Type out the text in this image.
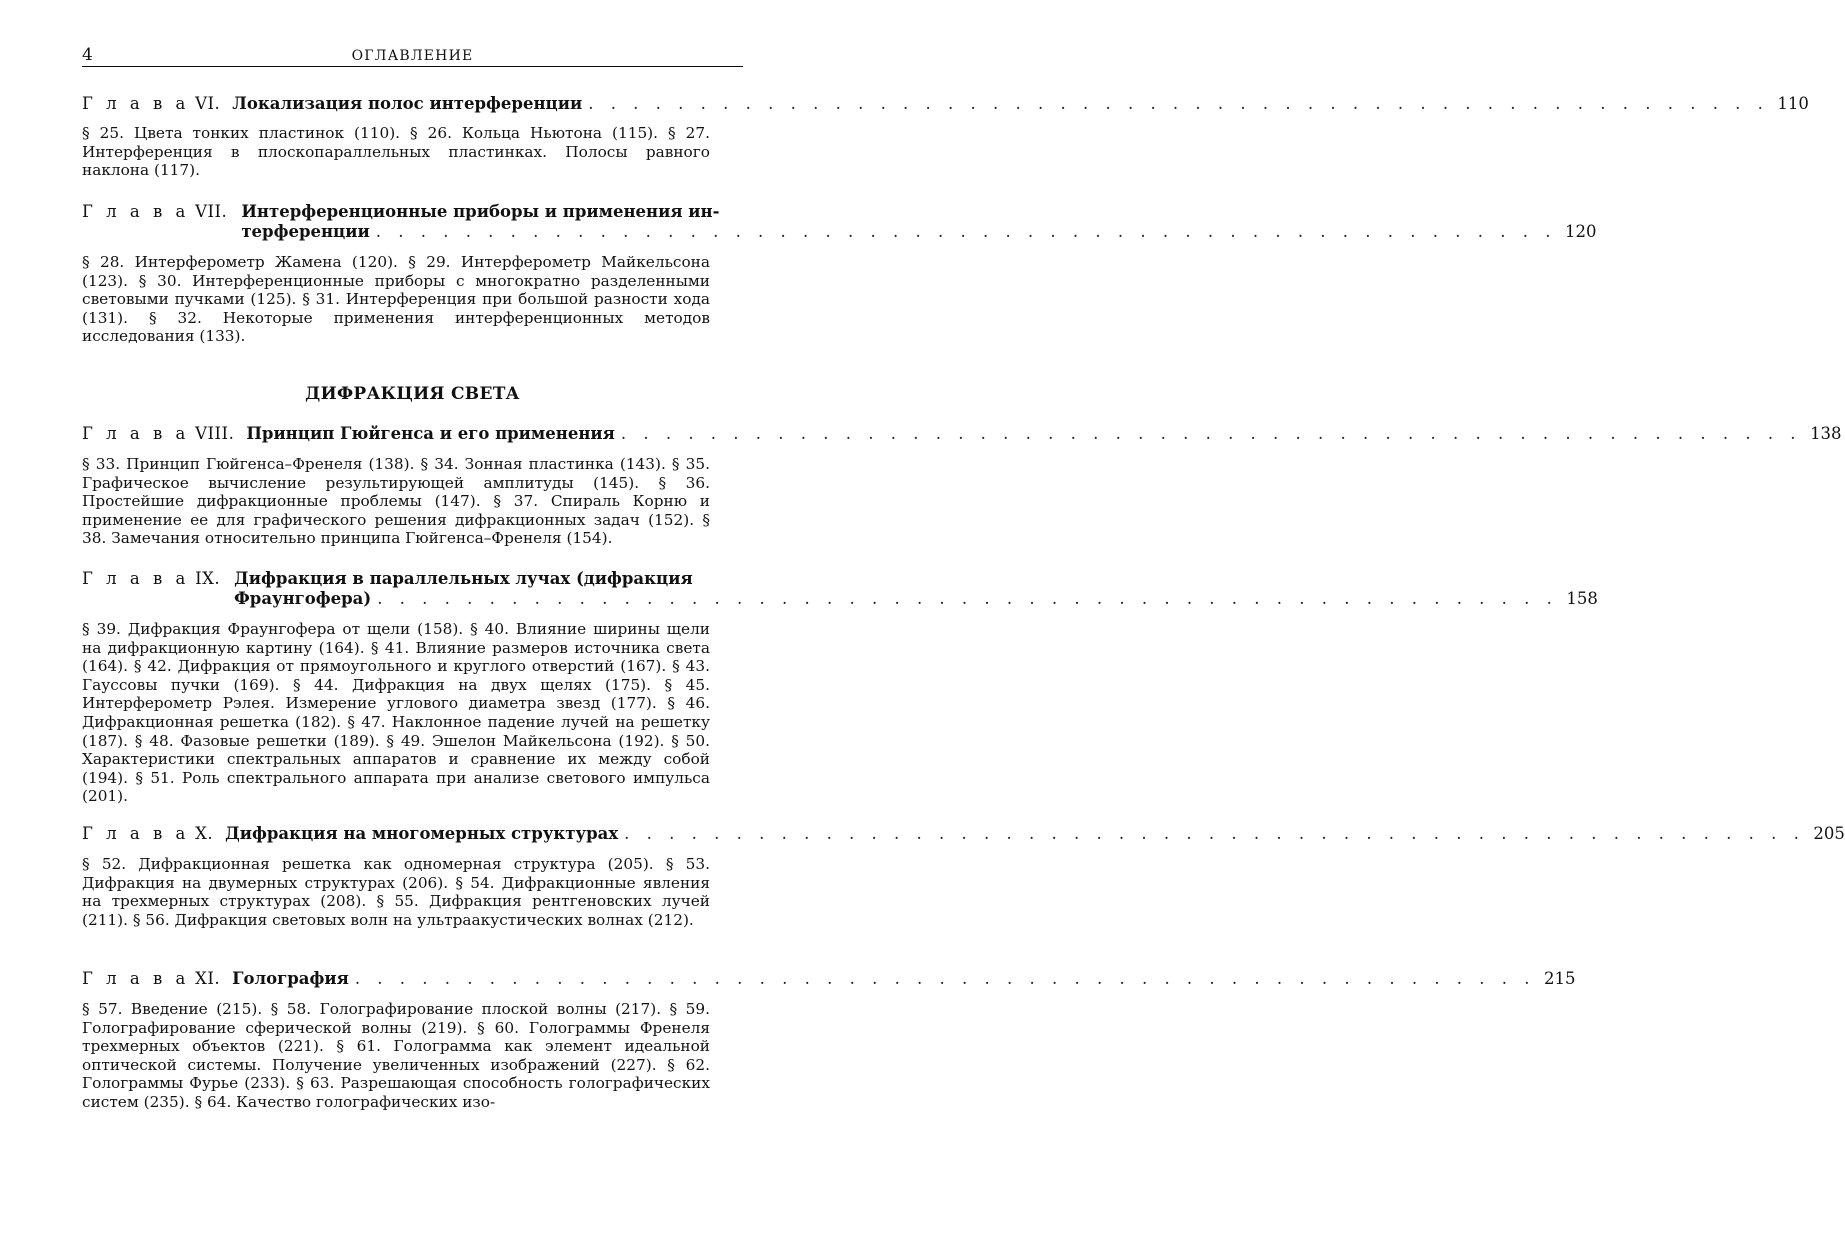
4	ОГЛАВЛЕНИЕ
Г л а в а VI. Локализация полос интерференции . . . . . . . . . . . . . . . . . . . . . . . . . . . . . . . . . . . . . . . . . . . . . . . . . . . . . 110
§ 25. Цвета тонких пластинок (110). § 26. Кольца Ньютона (115). § 27. Интерференция в плоскопараллельных пластинках. Полосы равного наклона (117).
Г л а в а VII. Интерференционные приборы и применения ин-
терференции . . . . . . . . . . . . . . . . . . . . . . . . . . . . . . . . . . . . . . . . . . . . . . . . . . . . . 120
§ 28. Интерферометр Жамена (120). § 29. Интерферометр Майкельсона (123). § 30. Интерференционные приборы с многократно разделенными световыми пучками (125). § 31. Интерференция при большой разности хода (131). § 32. Некоторые применения интерференционных методов исследования (133).
ДИФРАКЦИЯ СВЕТА
Г л а в а VIII. Принцип Гюйгенса и его применения . . . . . . . . . . . . . . . . . . . . . . . . . . . . . . . . . . . . . . . . . . . . . . . . . . . . . 138
§ 33. Принцип Гюйгенса–Френеля (138). § 34. Зонная пластинка (143). § 35. Графическое вычисление результирующей амплитуды (145). § 36. Простейшие дифракционные проблемы (147). § 37. Спираль Корню и применение ее для графического решения дифракционных задач (152). § 38. Замечания относительно принципа Гюйгенса–Френеля (154).
Г л а в а IX. Дифракция в параллельных лучах (дифракция
Фраунгофера) . . . . . . . . . . . . . . . . . . . . . . . . . . . . . . . . . . . . . . . . . . . . . . . . . . . . . 158
§ 39. Дифракция Фраунгофера от щели (158). § 40. Влияние ширины щели на дифракционную картину (164). § 41. Влияние размеров источника света (164). § 42. Дифракция от прямоугольного и круглого отверстий (167). § 43. Гауссовы пучки (169). § 44. Дифракция на двух щелях (175). § 45. Интерферометр Рэлея. Измерение углового диаметра звезд (177). § 46. Дифракционная решетка (182). § 47. Наклонное падение лучей на решетку (187). § 48. Фазовые решетки (189). § 49. Эшелон Майкельсона (192). § 50. Характеристики спектральных аппаратов и сравнение их между собой (194). § 51. Роль спектрального аппарата при анализе светового импульса (201).
Г л а в а X. Дифракция на многомерных структурах . . . . . . . . . . . . . . . . . . . . . . . . . . . . . . . . . . . . . . . . . . . . . . . . . . . . . 205
§ 52. Дифракционная решетка как одномерная структура (205). § 53. Дифракция на двумерных структурах (206). § 54. Дифракционные явления на трехмерных структурах (208). § 55. Дифракция рентгеновских лучей (211). § 56. Дифракция световых волн на ультраакустических волнах (212).
Г л а в а XI. Голография . . . . . . . . . . . . . . . . . . . . . . . . . . . . . . . . . . . . . . . . . . . . . . . . . . . . . 215
§ 57. Введение (215). § 58. Голографирование плоской волны (217). § 59. Голографирование сферической волны (219). § 60. Голограммы Френеля трехмерных объектов (221). § 61. Голограмма как элемент идеальной оптической системы. Получение увеличенных изображений (227). § 62. Голограммы Фурье (233). § 63. Разрешающая способность голографических систем (235). § 64. Качество голографических изо-
